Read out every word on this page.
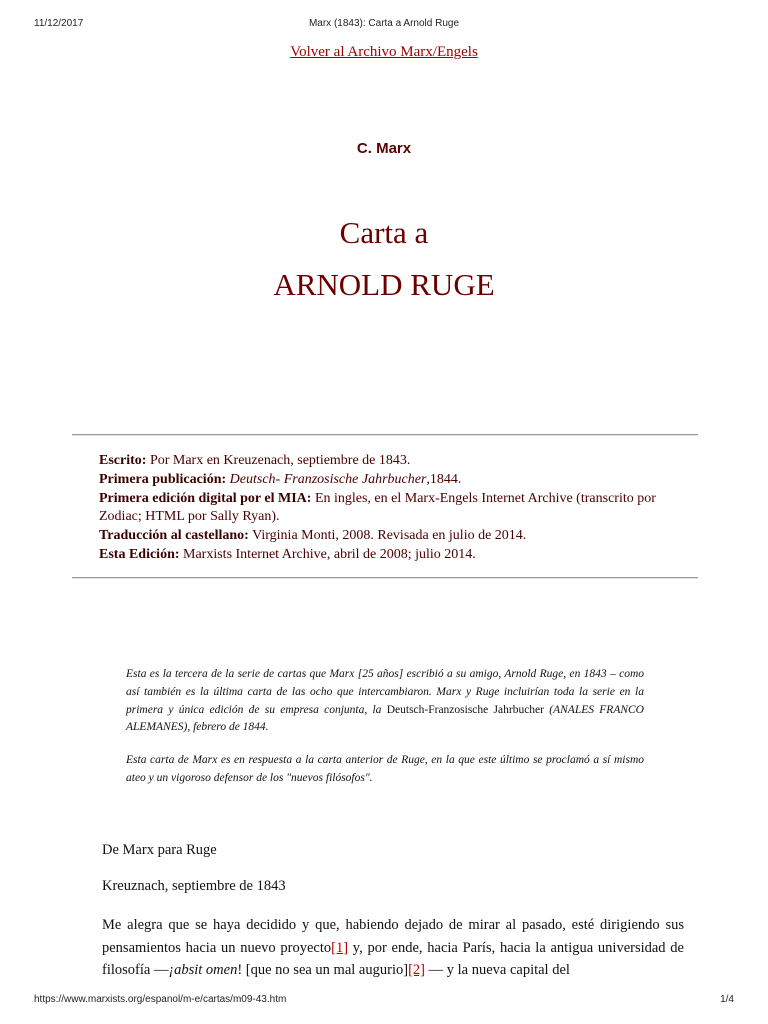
11/12/2017	Marx (1843): Carta a Arnold Ruge
Volver al Archivo Marx/Engels
C. Marx
Carta a
ARNOLD RUGE
Escrito: Por Marx en Kreuzenach, septiembre de 1843.
Primera publicación: Deutsch- Franzosische Jahrbucher,1844.
Primera edición digital por el MIA: En ingles, en el Marx-Engels Internet Archive (transcrito por Zodiac; HTML por Sally Ryan).
Traducción al castellano: Virginia Monti, 2008. Revisada en julio de 2014.
Esta Edición: Marxists Internet Archive, abril de 2008; julio 2014.
Esta es la tercera de la serie de cartas que Marx [25 años] escribió a su amigo, Arnold Ruge, en 1843 – como así también es la última carta de las ocho que intercambiaron. Marx y Ruge incluirían toda la serie en la primera y única edición de su empresa conjunta, la Deutsch-Franzosische Jahrbucher (ANALES FRANCO ALEMANES), febrero de 1844.
Esta carta de Marx es en respuesta a la carta anterior de Ruge, en la que este último se proclamó a sí mismo ateo y un vigoroso defensor de los "nuevos filósofos".
De Marx para Ruge
Kreuznach, septiembre de 1843
Me alegra que se haya decidido y que, habiendo dejado de mirar al pasado, esté dirigiendo sus pensamientos hacia un nuevo proyecto[1] y, por ende, hacia París, hacia la antigua universidad de filosofía —¡absit omen! [que no sea un mal augurio][2] — y la nueva capital del
https://www.marxists.org/espanol/m-e/cartas/m09-43.htm	1/4
